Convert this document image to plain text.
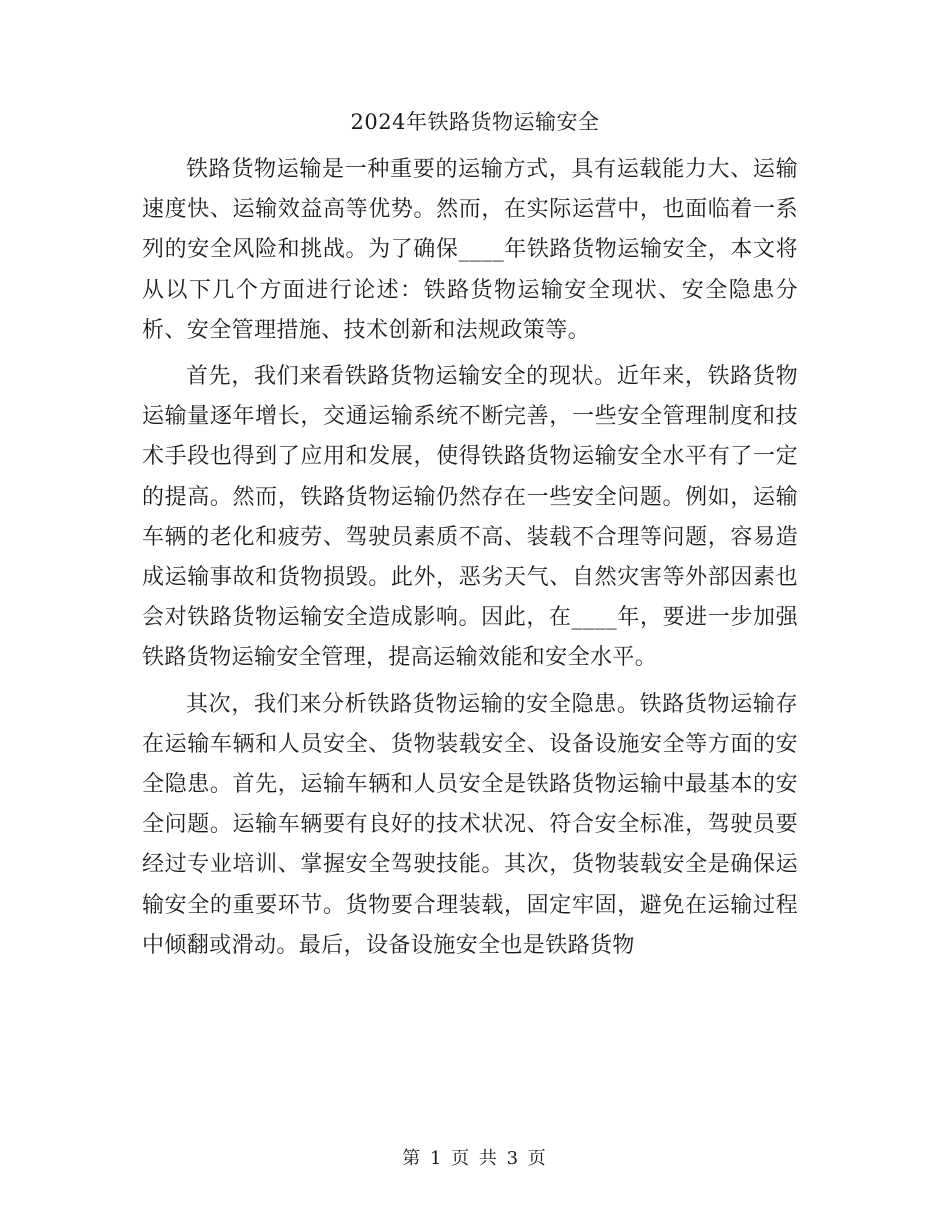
2024年铁路货物运输安全

铁路货物运输是一种重要的运输方式，具有运载能力大、运输速度快、运输效益高等优势。然而，在实际运营中，也面临着一系列的安全风险和挑战。为了确保____年铁路货物运输安全，本文将从以下几个方面进行论述：铁路货物运输安全现状、安全隐患分析、安全管理措施、技术创新和法规政策等。

首先，我们来看铁路货物运输安全的现状。近年来，铁路货物运输量逐年增长，交通运输系统不断完善，一些安全管理制度和技术手段也得到了应用和发展，使得铁路货物运输安全水平有了一定的提高。然而，铁路货物运输仍然存在一些安全问题。例如，运输车辆的老化和疲劳、驾驶员素质不高、装载不合理等问题，容易造成运输事故和货物损毁。此外，恶劣天气、自然灾害等外部因素也会对铁路货物运输安全造成影响。因此，在____年，要进一步加强铁路货物运输安全管理，提高运输效能和安全水平。

其次，我们来分析铁路货物运输的安全隐患。铁路货物运输存在运输车辆和人员安全、货物装载安全、设备设施安全等方面的安全隐患。首先，运输车辆和人员安全是铁路货物运输中最基本的安全问题。运输车辆要有良好的技术状况、符合安全标准，驾驶员要经过专业培训、掌握安全驾驶技能。其次，货物装载安全是确保运输安全的重要环节。货物要合理装载，固定牢固，避免在运输过程中倾翻或滑动。最后，设备设施安全也是铁路货物

第 1 页 共 3 页
